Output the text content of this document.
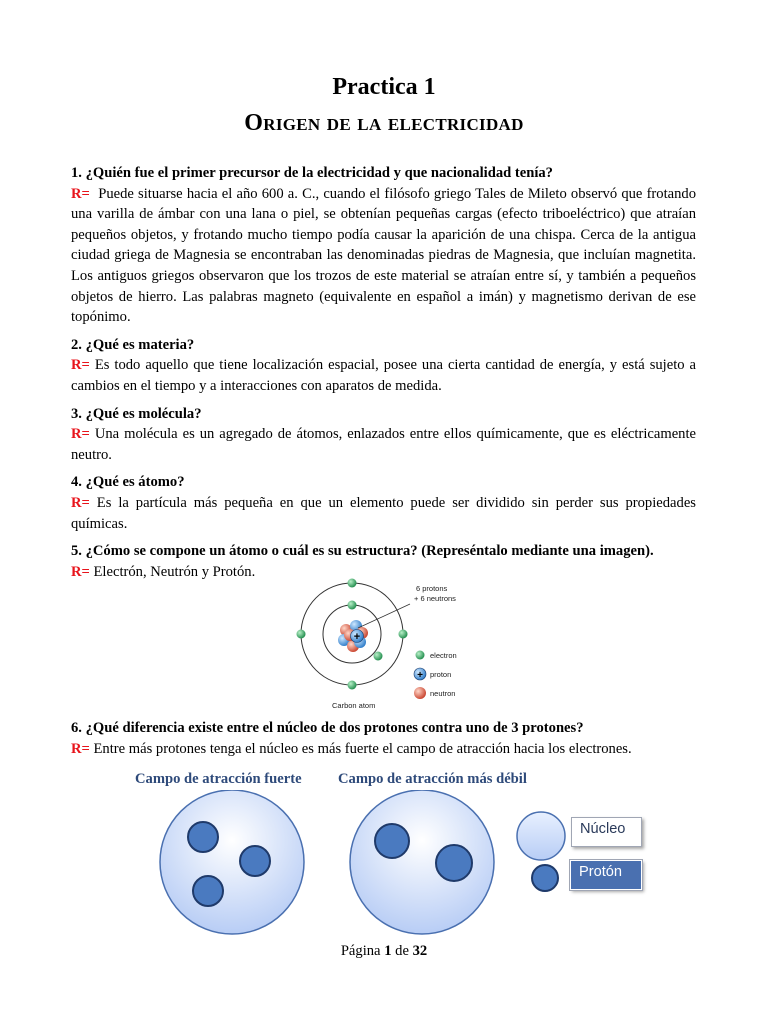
Practica 1
Origen de la electricidad
1. ¿Quién fue el primer precursor de la electricidad y que nacionalidad tenía?
R= Puede situarse hacia el año 600 a. C., cuando el filósofo griego Tales de Mileto observó que frotando una varilla de ámbar con una lana o piel, se obtenían pequeñas cargas (efecto triboeléctrico) que atraían pequeños objetos, y frotando mucho tiempo podía causar la aparición de una chispa. Cerca de la antigua ciudad griega de Magnesia se encontraban las denominadas piedras de Magnesia, que incluían magnetita. Los antiguos griegos observaron que los trozos de este material se atraían entre sí, y también a pequeños objetos de hierro. Las palabras magneto (equivalente en español a imán) y magnetismo derivan de ese topónimo.
2. ¿Qué es materia?
R= Es todo aquello que tiene localización espacial, posee una cierta cantidad de energía, y está sujeto a cambios en el tiempo y a interacciones con aparatos de medida.
3. ¿Qué es molécula?
R= Una molécula es un agregado de átomos, enlazados entre ellos químicamente, que es eléctricamente neutro.
4. ¿Qué es átomo?
R= Es la partícula más pequeña en que un elemento puede ser dividido sin perder sus propiedades químicas.
5. ¿Cómo se compone un átomo o cuál es su estructura? (Represéntalo mediante una imagen).
R= Electrón, Neutrón y Protón.
6. ¿Qué diferencia existe entre el núcleo de dos protones contra uno de 3 protones?
R= Entre más protones tenga el núcleo es más fuerte el campo de atracción hacia los electrones.
+
6 protons
+ 6 neutrons
electron
+ proton
neutron
Carbon atom
Campo de atracción fuerte Campo de atracción más débil
Núcleo
Protón
Página 1 de 32
